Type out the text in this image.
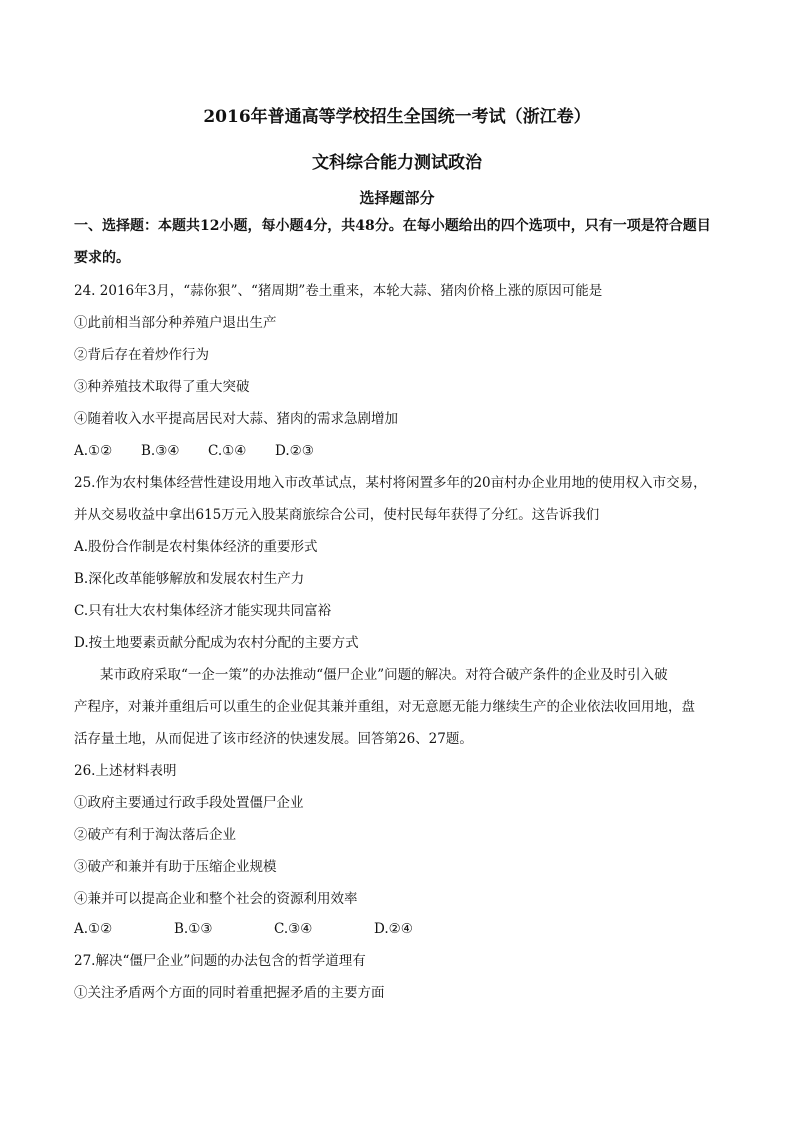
2016年普通高等学校招生全国统一考试（浙江卷）
文科综合能力测试政治
选择题部分
一、选择题：本题共12小题，每小题4分，共48分。在每小题给出的四个选项中，只有一项是符合题目
要求的。
24. 2016年3月，“蒜你狠”、“猪周期”卷土重来，本轮大蒜、猪肉价格上涨的原因可能是
①此前相当部分种养殖户退出生产
②背后存在着炒作行为
③种养殖技术取得了重大突破
④随着收入水平提高居民对大蒜、猪肉的需求急剧增加
A.①② B.③④ C.①④ D.②③
25.作为农村集体经营性建设用地入市改革试点，某村将闲置多年的20亩村办企业用地的使用权入市交易，
并从交易收益中拿出615万元入股某商旅综合公司，使村民每年获得了分红。这告诉我们
A.股份合作制是农村集体经济的重要形式
B.深化改革能够解放和发展农村生产力
C.只有壮大农村集体经济才能实现共同富裕
D.按土地要素贡献分配成为农村分配的主要方式
某市政府采取“一企一策”的办法推动“僵尸企业”问题的解决。对符合破产条件的企业及时引入破
产程序，对兼并重组后可以重生的企业促其兼并重组，对无意愿无能力继续生产的企业依法收回用地，盘
活存量土地，从而促进了该市经济的快速发展。回答第26、27题。
26.上述材料表明
①政府主要通过行政手段处置僵尸企业
②破产有利于淘汰落后企业
③破产和兼并有助于压缩企业规模
④兼并可以提高企业和整个社会的资源利用效率
A.①②	B.①③	C.③④	D.②④
27.解决“僵尸企业”问题的办法包含的哲学道理有
①关注矛盾两个方面的同时着重把握矛盾的主要方面
